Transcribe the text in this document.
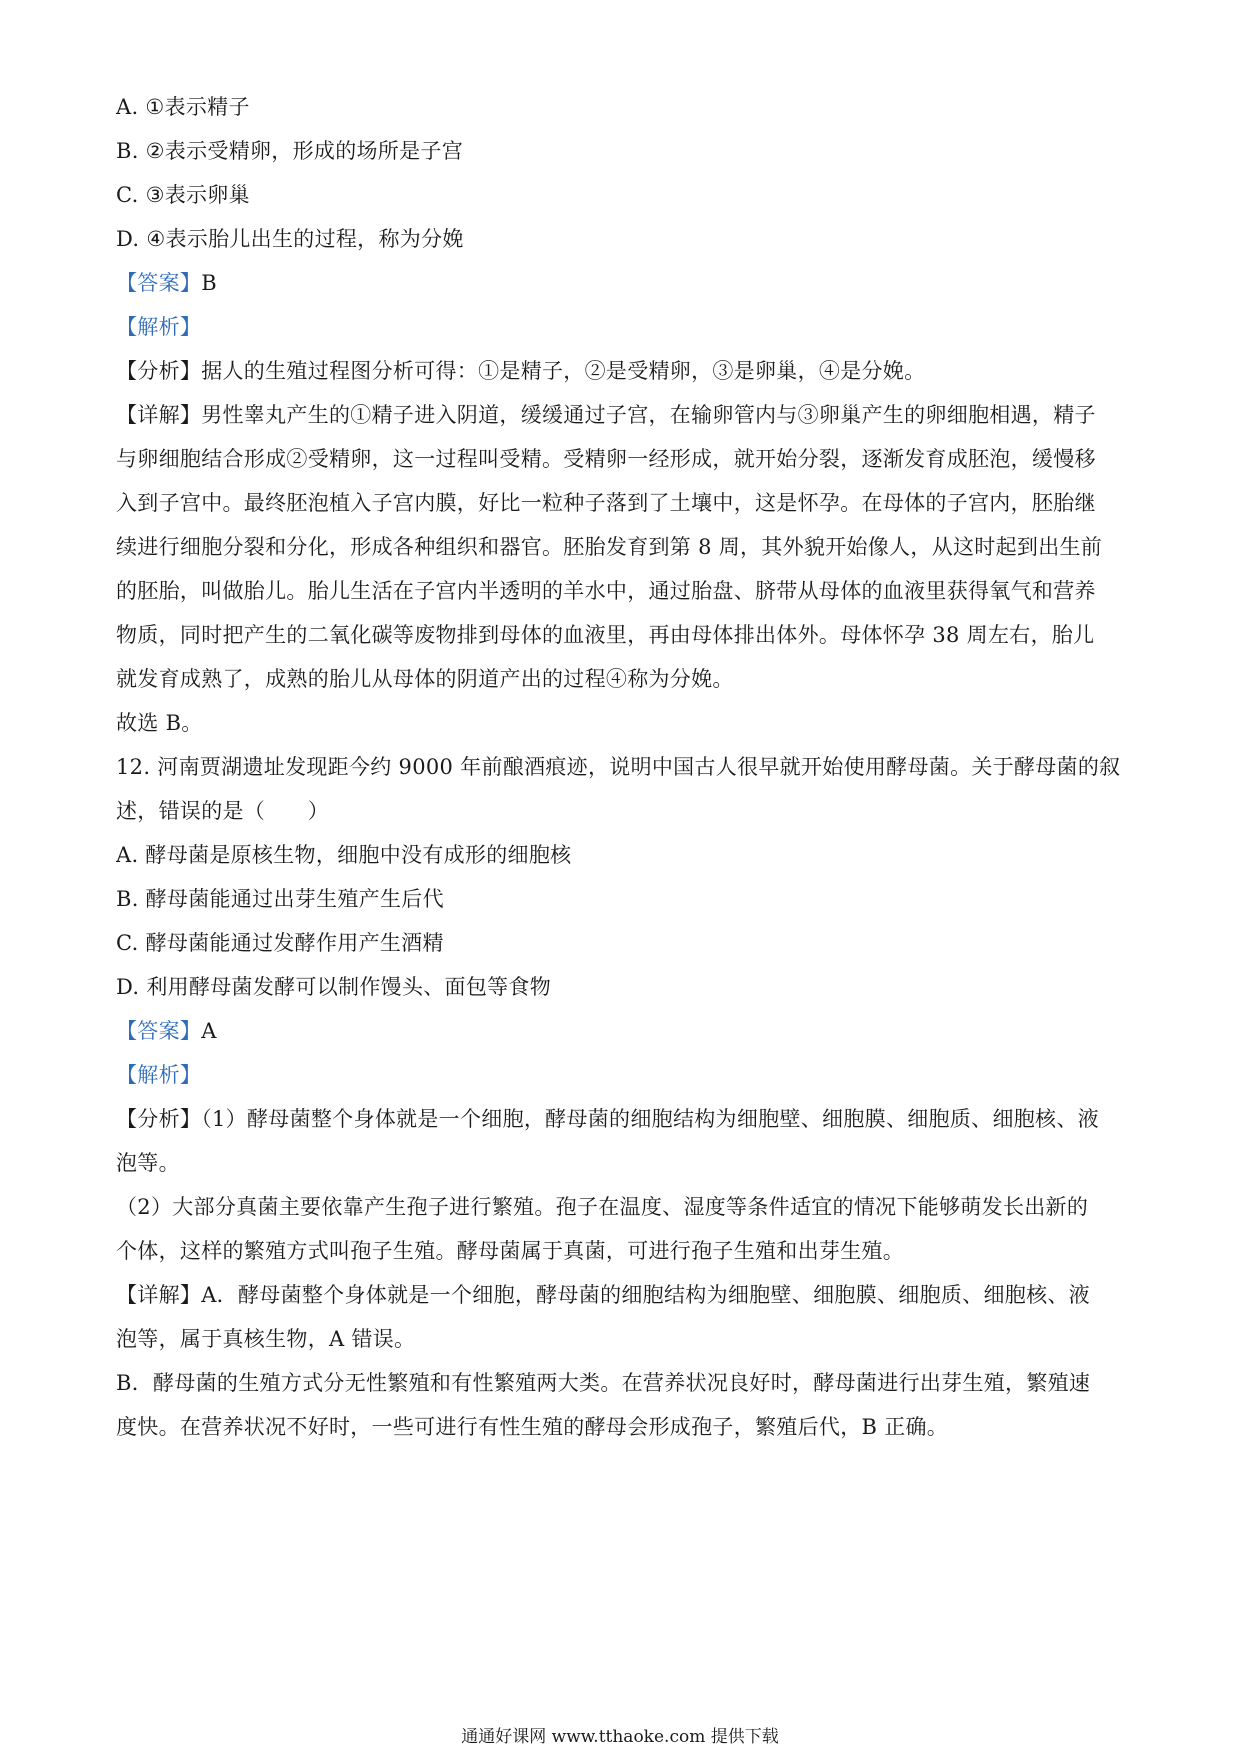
A. ①表示精子
B. ②表示受精卵，形成的场所是子宫
C. ③表示卵巢
D. ④表示胎儿出生的过程，称为分娩
【答案】B
【解析】
【分析】据人的生殖过程图分析可得：①是精子，②是受精卵，③是卵巢，④是分娩。
【详解】男性睾丸产生的①精子进入阴道，缓缓通过子宫，在输卵管内与③卵巢产生的卵细胞相遇，精子
与卵细胞结合形成②受精卵，这一过程叫受精。受精卵一经形成，就开始分裂，逐渐发育成胚泡，缓慢移
入到子宫中。最终胚泡植入子宫内膜，好比一粒种子落到了土壤中，这是怀孕。在母体的子宫内，胚胎继
续进行细胞分裂和分化，形成各种组织和器官。胚胎发育到第 8 周，其外貌开始像人，从这时起到出生前
的胚胎，叫做胎儿。胎儿生活在子宫内半透明的羊水中，通过胎盘、脐带从母体的血液里获得氧气和营养
物质，同时把产生的二氧化碳等废物排到母体的血液里，再由母体排出体外。母体怀孕 38 周左右，胎儿
就发育成熟了，成熟的胎儿从母体的阴道产出的过程④称为分娩。
故选 B。
12. 河南贾湖遗址发现距今约 9000 年前酿酒痕迹，说明中国古人很早就开始使用酵母菌。关于酵母菌的叙
述，错误的是（　　）
A. 酵母菌是原核生物，细胞中没有成形的细胞核
B. 酵母菌能通过出芽生殖产生后代
C. 酵母菌能通过发酵作用产生酒精
D. 利用酵母菌发酵可以制作馒头、面包等食物
【答案】A
【解析】
【分析】（1）酵母菌整个身体就是一个细胞，酵母菌的细胞结构为细胞壁、细胞膜、细胞质、细胞核、液
泡等。
（2）大部分真菌主要依靠产生孢子进行繁殖。孢子在温度、湿度等条件适宜的情况下能够萌发长出新的
个体，这样的繁殖方式叫孢子生殖。酵母菌属于真菌，可进行孢子生殖和出芽生殖。
【详解】A．酵母菌整个身体就是一个细胞，酵母菌的细胞结构为细胞壁、细胞膜、细胞质、细胞核、液
泡等，属于真核生物，A 错误。
B．酵母菌的生殖方式分无性繁殖和有性繁殖两大类。在营养状况良好时，酵母菌进行出芽生殖，繁殖速
度快。在营养状况不好时，一些可进行有性生殖的酵母会形成孢子，繁殖后代，B 正确。
通通好课网 www.tthaoke.com 提供下载
